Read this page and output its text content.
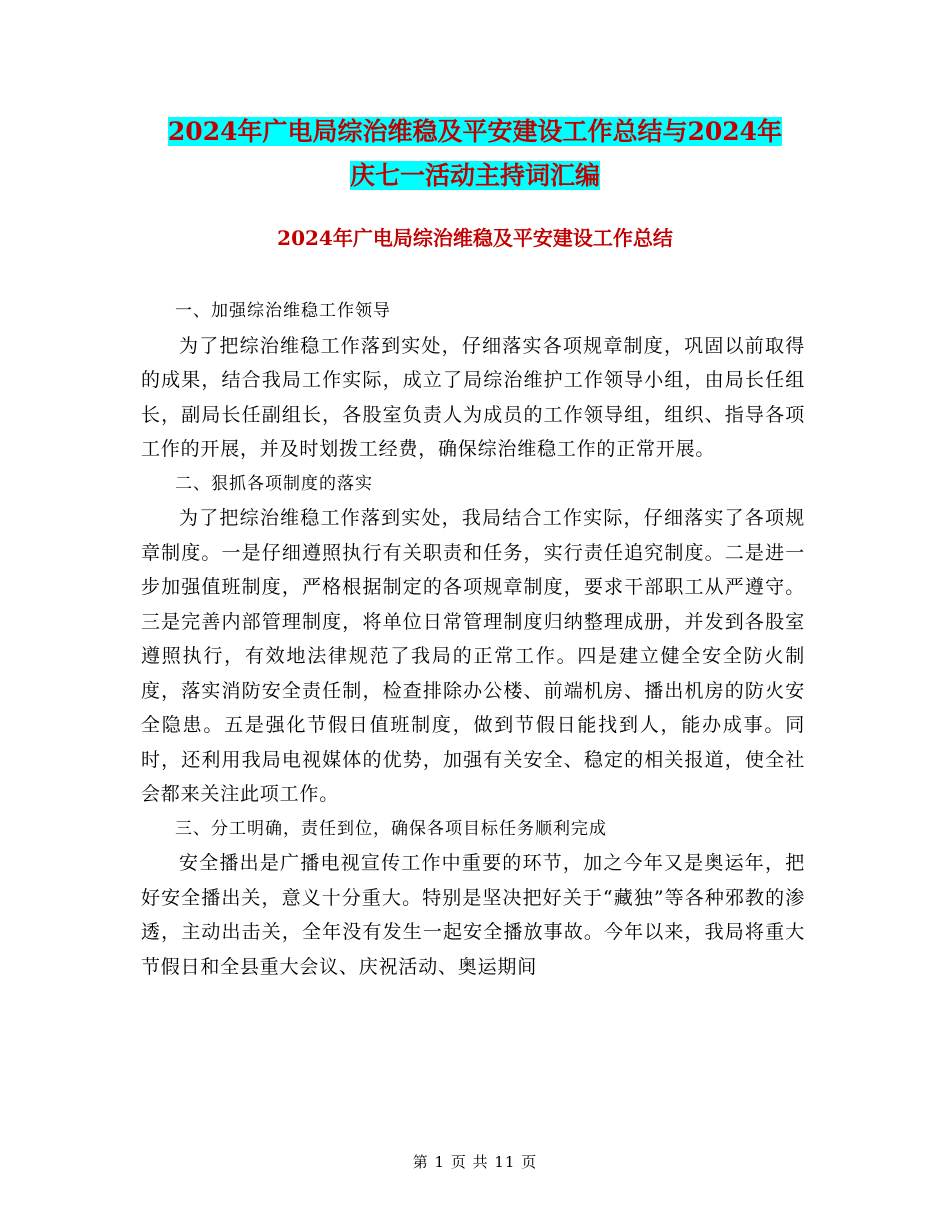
2024年广电局综治维稳及平安建设工作总结与2024年
庆七一活动主持词汇编
2024年广电局综治维稳及平安建设工作总结

一、加强综治维稳工作领导

为了把综治维稳工作落到实处，仔细落实各项规章制度，巩固以前取得的成果，结合我局工作实际，成立了局综治维护工作领导小组，由局长任组长，副局长任副组长，各股室负责人为成员的工作领导组，组织、指导各项工作的开展，并及时划拨工经费，确保综治维稳工作的正常开展。

二、狠抓各项制度的落实

为了把综治维稳工作落到实处，我局结合工作实际，仔细落实了各项规章制度。一是仔细遵照执行有关职责和任务，实行责任追究制度。二是进一步加强值班制度，严格根据制定的各项规章制度，要求干部职工从严遵守。三是完善内部管理制度，将单位日常管理制度归纳整理成册，并发到各股室遵照执行，有效地法律规范了我局的正常工作。四是建立健全安全防火制度，落实消防安全责任制，检查排除办公楼、前端机房、播出机房的防火安全隐患。五是强化节假日值班制度，做到节假日能找到人，能办成事。同时，还利用我局电视媒体的优势，加强有关安全、稳定的相关报道，使全社会都来关注此项工作。

三、分工明确，责任到位，确保各项目标任务顺利完成

安全播出是广播电视宣传工作中重要的环节，加之今年又是奥运年，把好安全播出关，意义十分重大。特别是坚决把好关于“藏独”等各种邪教的渗透，主动出击关，全年没有发生一起安全播放事故。今年以来，我局将重大节假日和全县重大会议、庆祝活动、奥运期间

第 1 页 共 11 页
